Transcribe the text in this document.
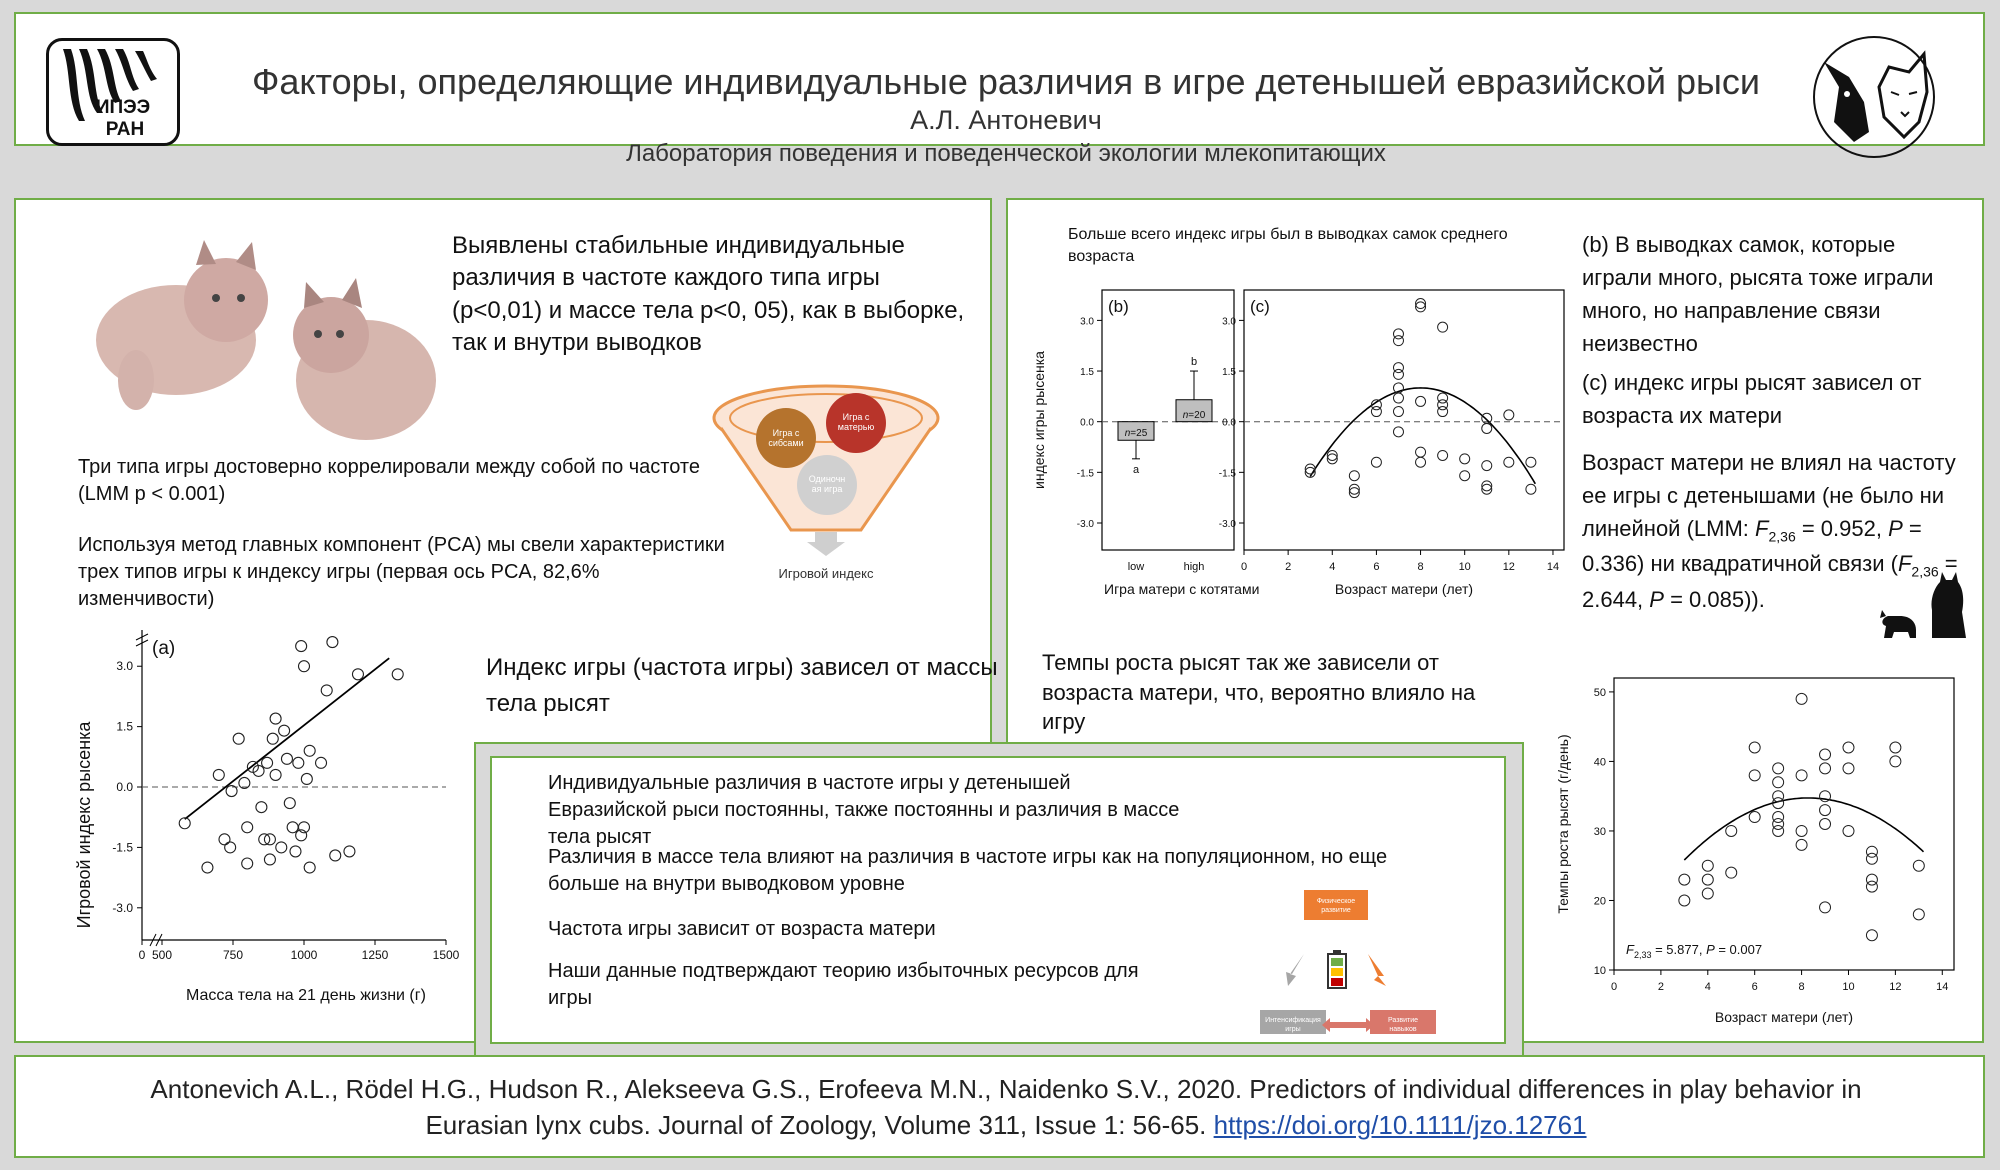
ИПЭЭ
РАН
Факторы, определяющие индивидуальные различия в игре детенышей евразийской рыси
А.Л. Антоневич
Лаборатория поведения и поведенческой экологии млекопитающих
Выявлены стабильные индивидуальные различия в частоте каждого типа игры (p<0,01) и массе тела p<0, 05), как в выборке, так и внутри выводков
Игра с сибсами
Игра с матерью
Одиночн ая игра
Игровой индекс
Три типа игры достоверно коррелировали между собой по частоте (LMM p < 0.001)
Используя метод главных компонент (PCA) мы свели характеристики трех типов игры к индексу игры (первая ось PCA, 82,6% изменчивости)
Индекс игры (частота игры) зависел от массы тела рысят
3.0
1.5
0.0
-1.5
-3.0
0 500	750	1000	1250	1500
(a)
Масса тела на 21 день жизни (г)
Игровой индекс рысенка
Больше всего индекс игры был в выводках самок среднего возраста
3.0
1.5
0.0
-1.5
-3.0
a
n=25
low
b
n=20
high
(b)
Игра матери с котятами
индекс игры рысенка
3.0
1.5
0.0
-1.5
-3.0
0	2	4	6	8	10	12	14
(c)
Возраст матери (лет)
Темпы роста рысят так же зависели от возраста матери, что, вероятно влияло на игру
(b) В выводках самок, которые играли много, рысята тоже играли много, но направление связи неизвестно
(c) индекс игры рысят зависел от возраста их матери
Возраст матери не влиял на частоту ее игры с детенышами (не было ни линейной (LMM: $F_{2,36} = 0.952$, P = 0.336) ни квадратичной связи ($F_{2,36} = 2.644$, P = 0.085)).
10
20
30
40
50
0	2	4	6	8	10	12	14
$F_{2,33} = 5.877$, P = 0.007
Возраст матери (лет)
Темпы роста рысят (г/день)
Индивидуальные различия в частоте игры у детенышей Евразийской рыси постоянны, также постоянны и различия в массе тела рысят
Различия в массе тела влияют на различия в частоте игры как на популяционном, но еще больше на внутри выводковом уровне
Частота игры зависит от возраста матери
Наши данные подтверждают теорию избыточных ресурсов для игры
Физическое развитие
Интенсификация игры
Развитие навыков
Antonevich A.L., Rödel H.G., Hudson R., Alekseeva G.S., Erofeeva M.N., Naidenko S.V., 2020. Predictors of individual differences in play behavior in Eurasian lynx cubs. Journal of Zoology, Volume 311, Issue 1: 56-65. https://doi.org/10.1111/jzo.12761
